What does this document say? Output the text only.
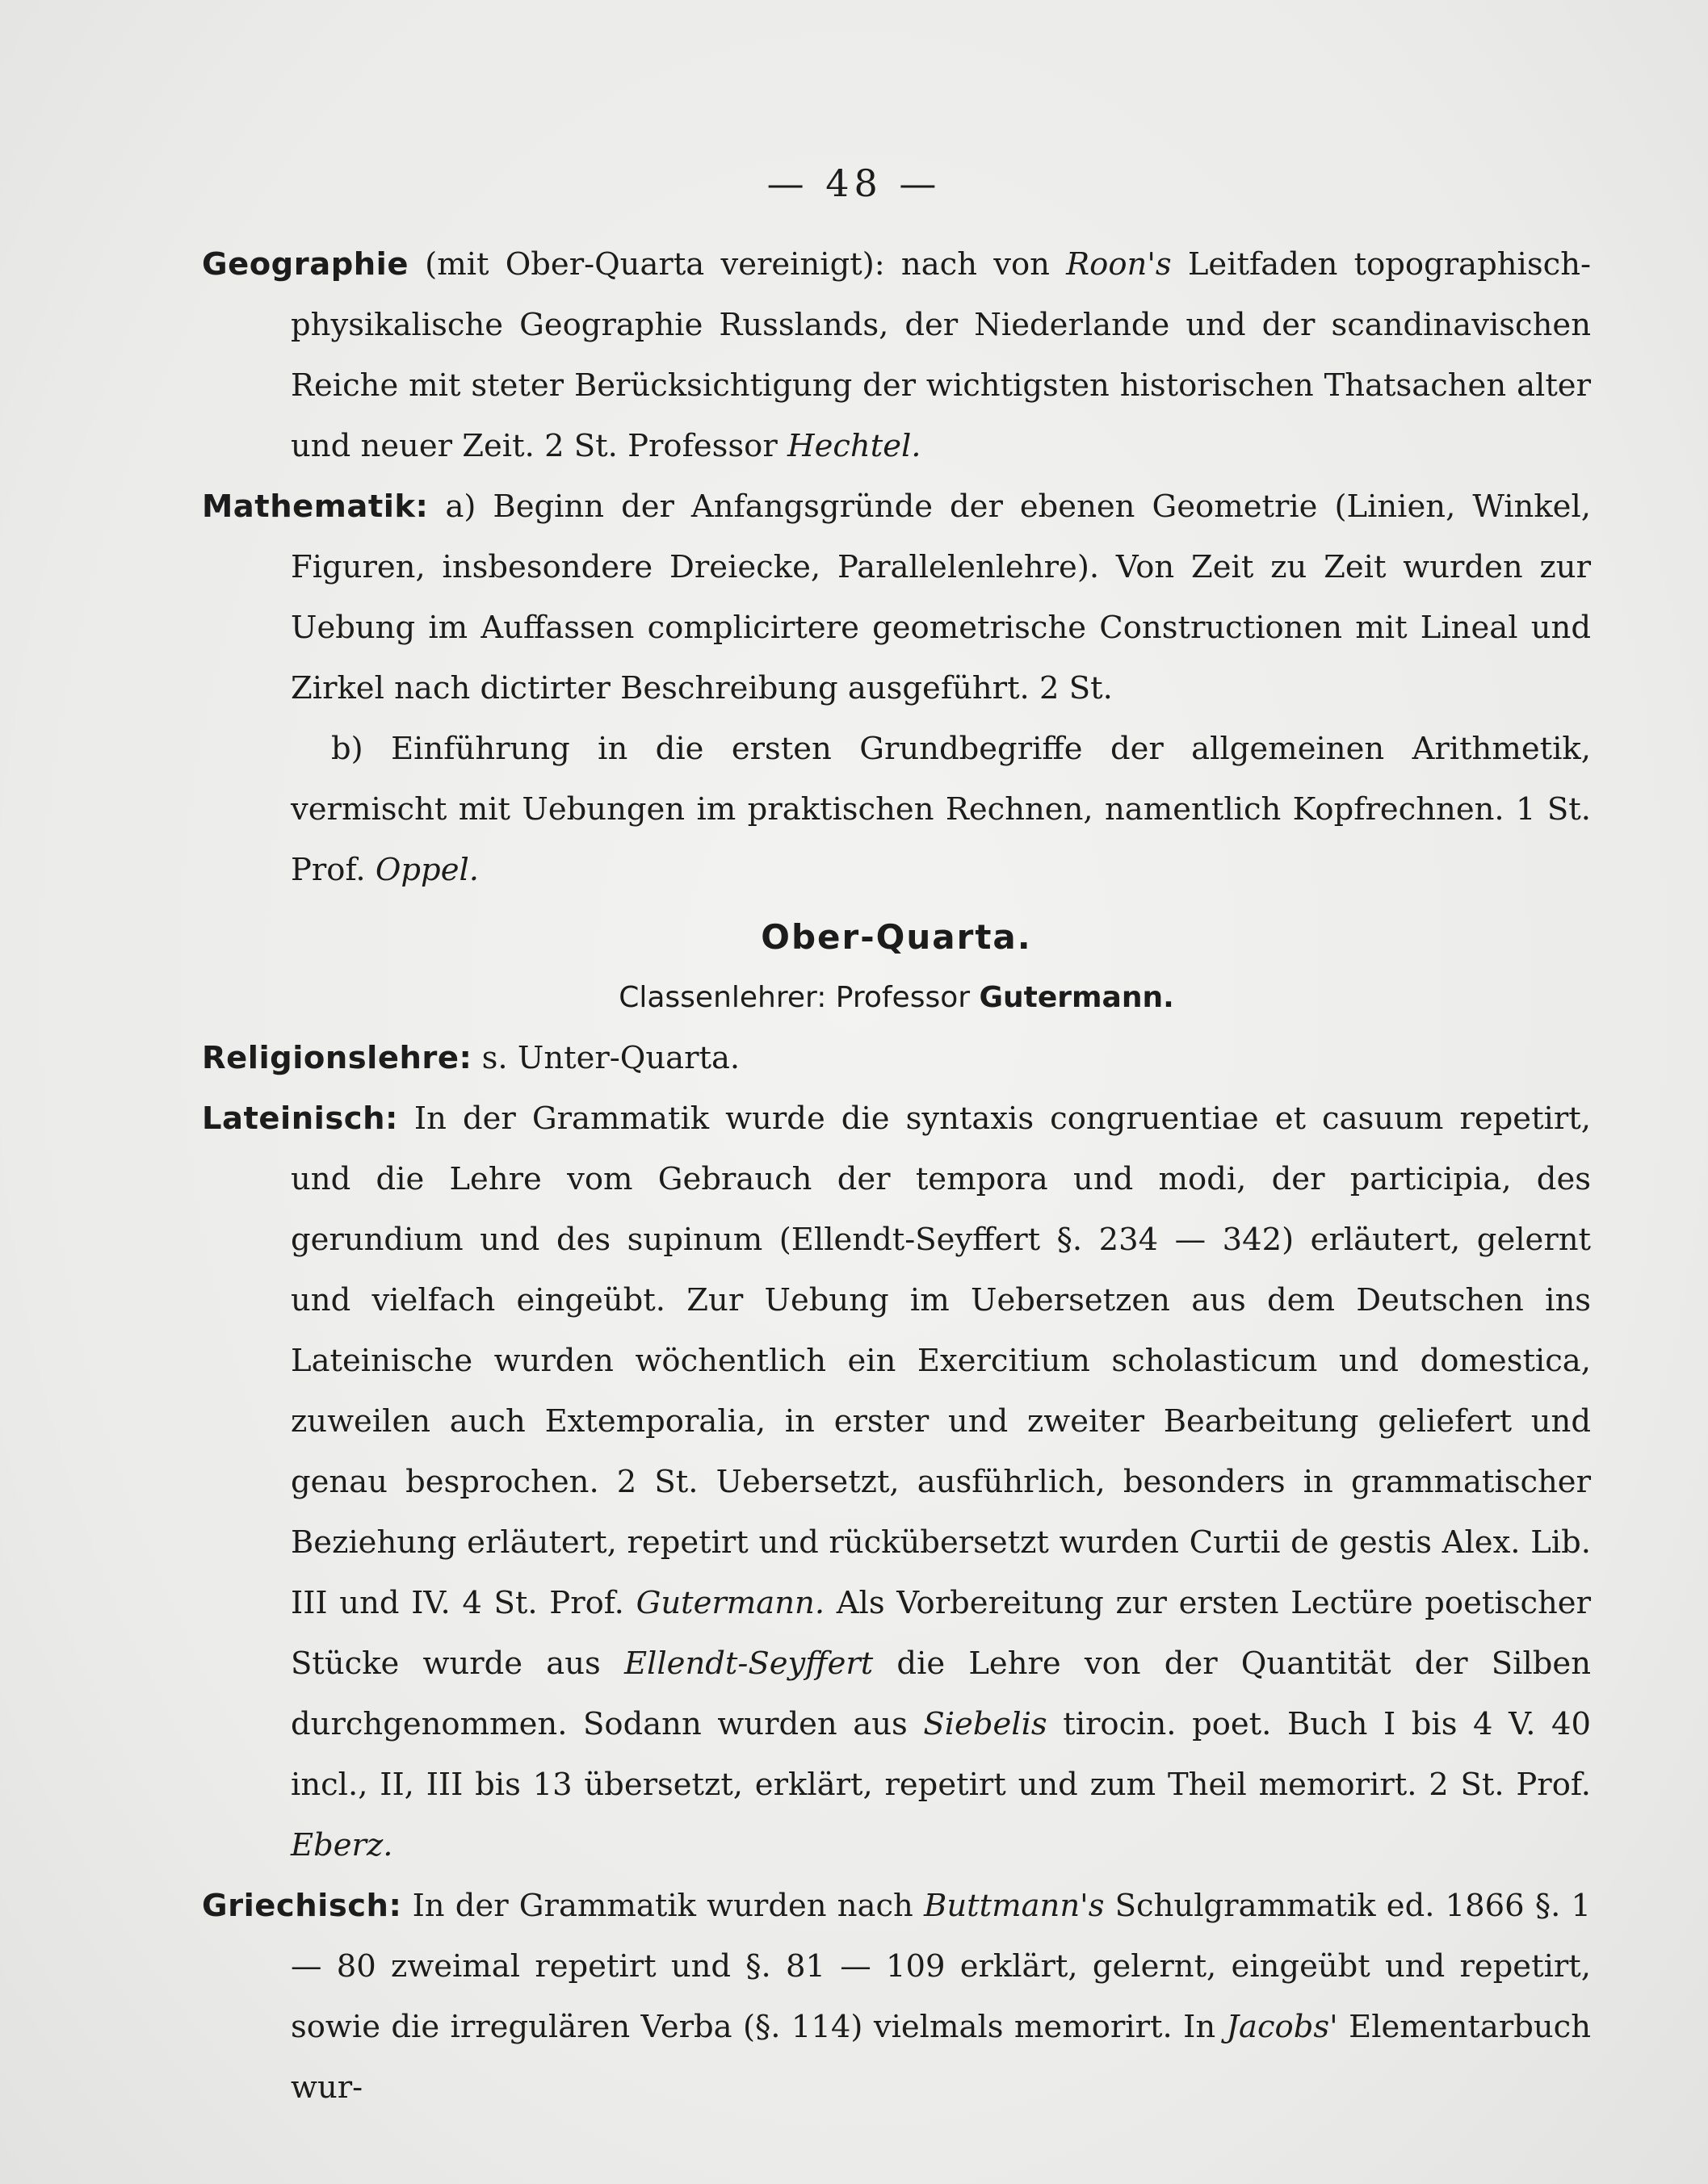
— 48 —

Geographie (mit Ober-Quarta vereinigt): nach von Roon's Leitfaden topographisch-physikalische Geographie Russlands, der Niederlande und der scandinavischen Reiche mit steter Berücksichtigung der wichtigsten historischen Thatsachen alter und neuer Zeit. 2 St. Professor Hechtel.

Mathematik: a) Beginn der Anfangsgründe der ebenen Geometrie (Linien, Winkel, Figuren, insbesondere Dreiecke, Parallelenlehre). Von Zeit zu Zeit wurden zur Uebung im Auffassen complicirtere geometrische Constructionen mit Lineal und Zirkel nach dictirter Beschreibung ausgeführt. 2 St.

b) Einführung in die ersten Grundbegriffe der allgemeinen Arithmetik, vermischt mit Uebungen im praktischen Rechnen, namentlich Kopfrechnen. 1 St. Prof. Oppel.

Ober-Quarta.

Classenlehrer: Professor Gutermann.

Religionslehre: s. Unter-Quarta.

Lateinisch: In der Grammatik wurde die syntaxis congruentiae et casuum repetirt, und die Lehre vom Gebrauch der tempora und modi, der participia, des gerundium und des supinum (Ellendt-Seyffert §. 234 — 342) erläutert, gelernt und vielfach eingeübt. Zur Uebung im Uebersetzen aus dem Deutschen ins Lateinische wurden wöchentlich ein Exercitium scholasticum und domestica, zuweilen auch Extemporalia, in erster und zweiter Bearbeitung geliefert und genau besprochen. 2 St. Uebersetzt, ausführlich, besonders in grammatischer Beziehung erläutert, repetirt und rückübersetzt wurden Curtii de gestis Alex. Lib. III und IV. 4 St. Prof. Gutermann. Als Vorbereitung zur ersten Lectüre poetischer Stücke wurde aus Ellendt-Seyffert die Lehre von der Quantität der Silben durchgenommen. Sodann wurden aus Siebelis tirocin. poet. Buch I bis 4 V. 40 incl., II, III bis 13 übersetzt, erklärt, repetirt und zum Theil memorirt. 2 St. Prof. Eberz.

Griechisch: In der Grammatik wurden nach Buttmann's Schulgrammatik ed. 1866 §. 1 — 80 zweimal repetirt und §. 81 — 109 erklärt, gelernt, eingeübt und repetirt, sowie die irregulären Verba (§. 114) vielmals memorirt. In Jacobs' Elementarbuch wur-
